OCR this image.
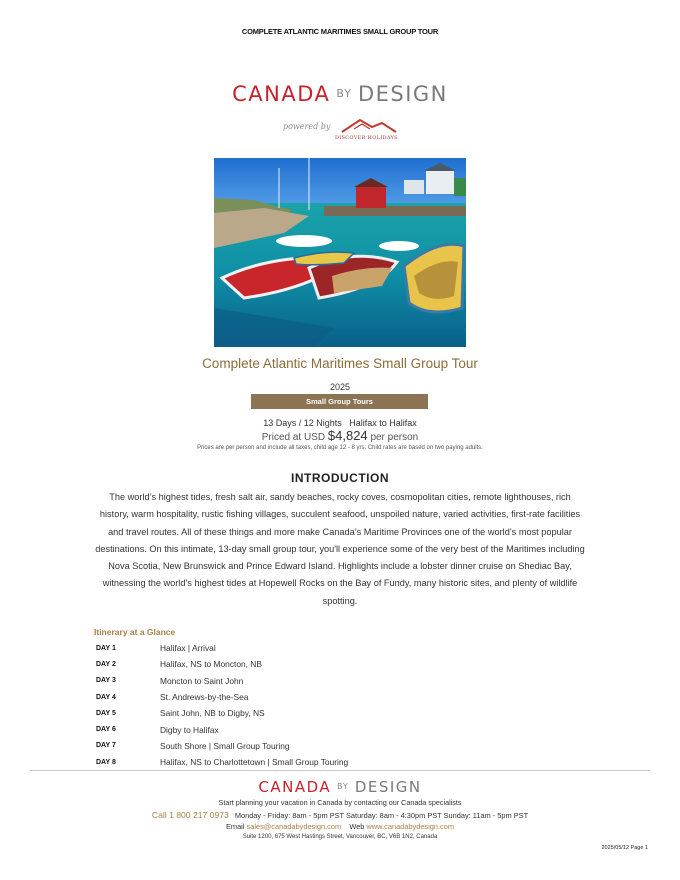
COMPLETE ATLANTIC MARITIMES SMALL GROUP TOUR
CANADA BY DESIGN
powered by
DISCOVER HOLIDAYS
Complete Atlantic Maritimes Small Group Tour
2025
Small Group Tours
13 Days / 12 Nights Halifax to Halifax
Priced at USD $4,824 per person
Prices are per person and include all taxes, child age 12 - 8 yrs. Child rates are based on two paying adults.
INTRODUCTION
The world’s highest tides, fresh salt air, sandy beaches, rocky coves, cosmopolitan cities, remote lighthouses, rich history, warm hospitality, rustic fishing villages, succulent seafood, unspoiled nature, varied activities, first-rate facilities and travel routes. All of these things and more make Canada’s Maritime Provinces one of the world’s most popular destinations. On this intimate, 13-day small group tour, you'll experience some of the very best of the Maritimes including Nova Scotia, New Brunswick and Prince Edward Island. Highlights include a lobster dinner cruise on Shediac Bay, witnessing the world’s highest tides at Hopewell Rocks on the Bay of Fundy, many historic sites, and plenty of wildlife spotting.
Itinerary at a Glance
DAY 1	Halifax | Arrival
DAY 2	Halifax, NS to Moncton, NB
DAY 3	Moncton to Saint John
DAY 4	St. Andrews-by-the-Sea
DAY 5	Saint John, NB to Digby, NS
DAY 6	Digby to Halifax
DAY 7	South Shore | Small Group Touring
DAY 8	Halifax, NS to Charlottetown | Small Group Touring
CANADA BY DESIGN
Start planning your vacation in Canada by contacting our Canada specialists
Call 1 800 217 0973 Monday - Friday: 8am - 5pm PST Saturday: 8am - 4:30pm PST Sunday: 11am - 5pm PST
Email sales@canadabydesign.com Web www.canadabydesign.com
Suite 1200, 675 West Hastings Street, Vancouver, BC, V6B 1N2, Canada
2025/05/12 Page 1
